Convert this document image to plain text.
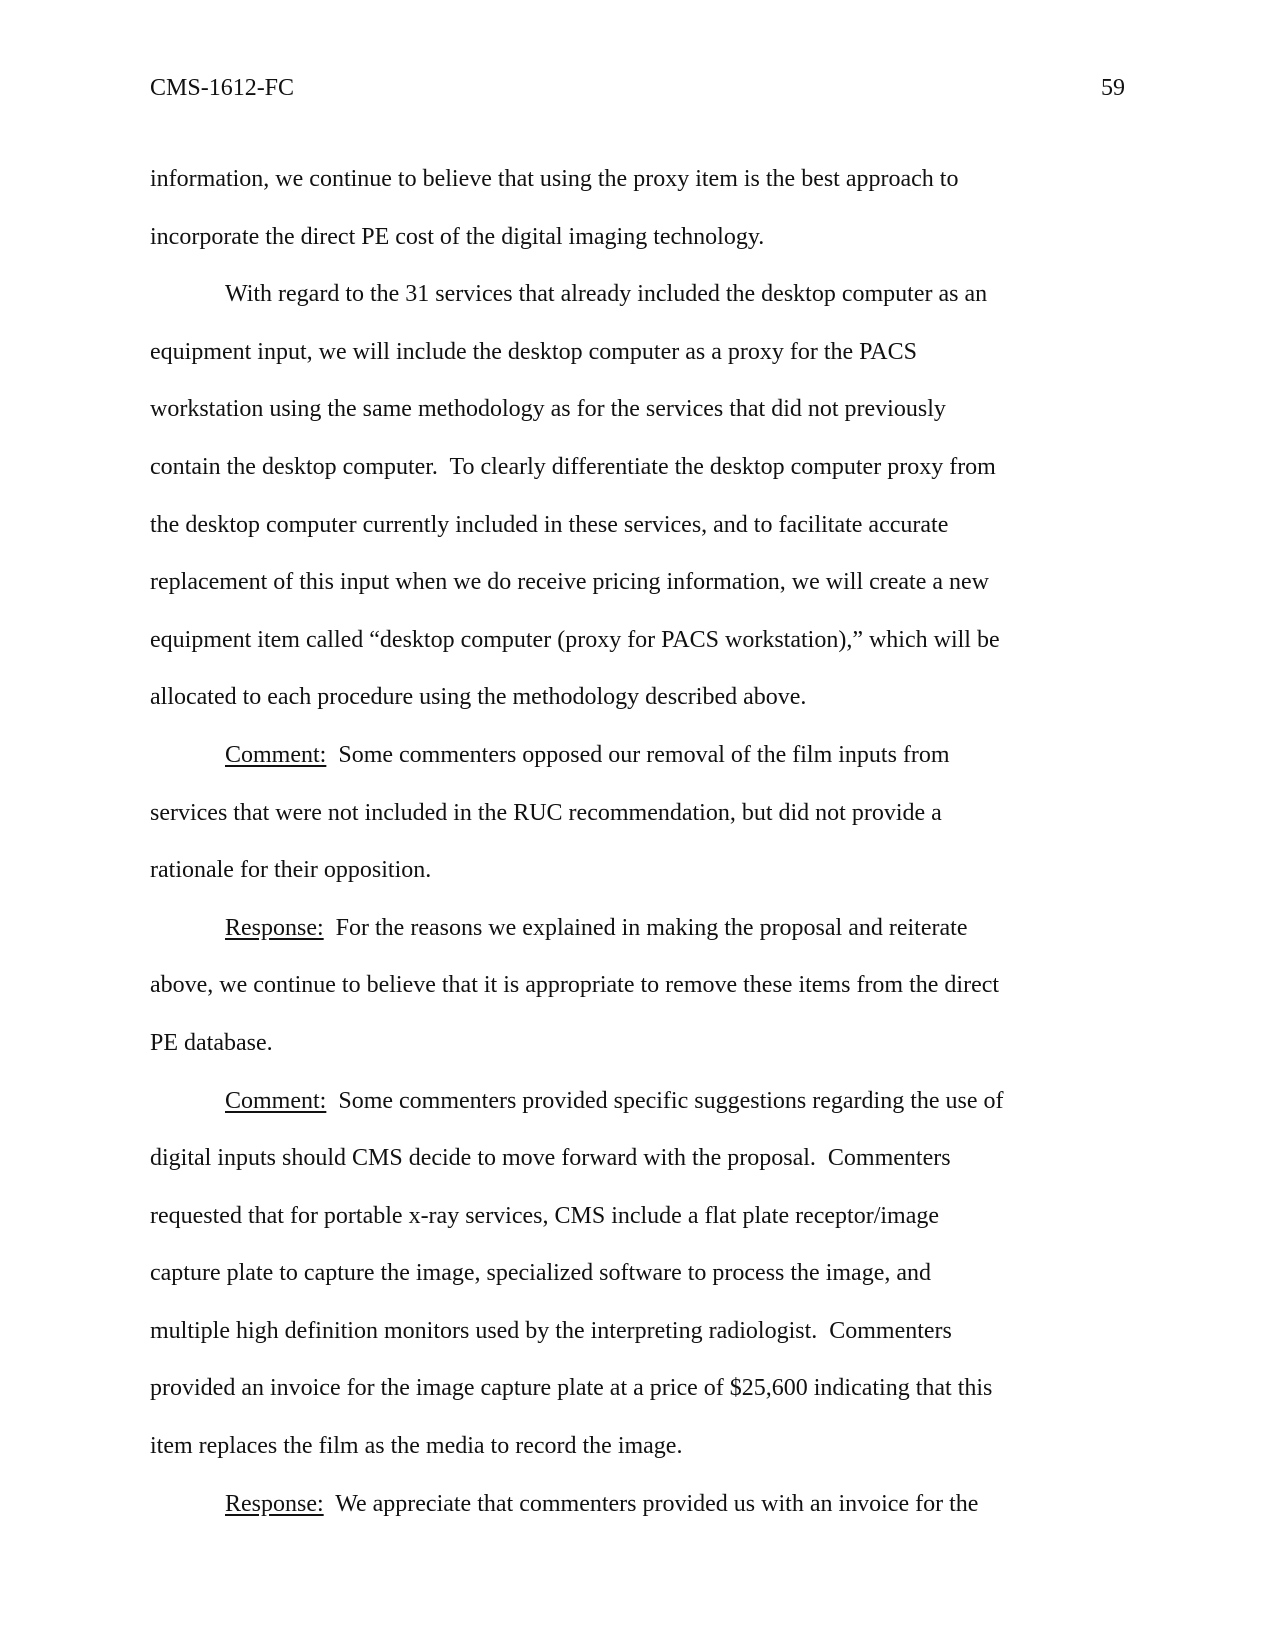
CMS-1612-FC	59
information, we continue to believe that using the proxy item is the best approach to
incorporate the direct PE cost of the digital imaging technology.
With regard to the 31 services that already included the desktop computer as an
equipment input, we will include the desktop computer as a proxy for the PACS
workstation using the same methodology as for the services that did not previously
contain the desktop computer.  To clearly differentiate the desktop computer proxy from
the desktop computer currently included in these services, and to facilitate accurate
replacement of this input when we do receive pricing information, we will create a new
equipment item called “desktop computer (proxy for PACS workstation),” which will be
allocated to each procedure using the methodology described above.
Comment:  Some commenters opposed our removal of the film inputs from
services that were not included in the RUC recommendation, but did not provide a
rationale for their opposition.
Response:  For the reasons we explained in making the proposal and reiterate
above, we continue to believe that it is appropriate to remove these items from the direct
PE database.
Comment:  Some commenters provided specific suggestions regarding the use of
digital inputs should CMS decide to move forward with the proposal.  Commenters
requested that for portable x-ray services, CMS include a flat plate receptor/image
capture plate to capture the image, specialized software to process the image, and
multiple high definition monitors used by the interpreting radiologist.  Commenters
provided an invoice for the image capture plate at a price of $25,600 indicating that this
item replaces the film as the media to record the image.
Response:  We appreciate that commenters provided us with an invoice for the
